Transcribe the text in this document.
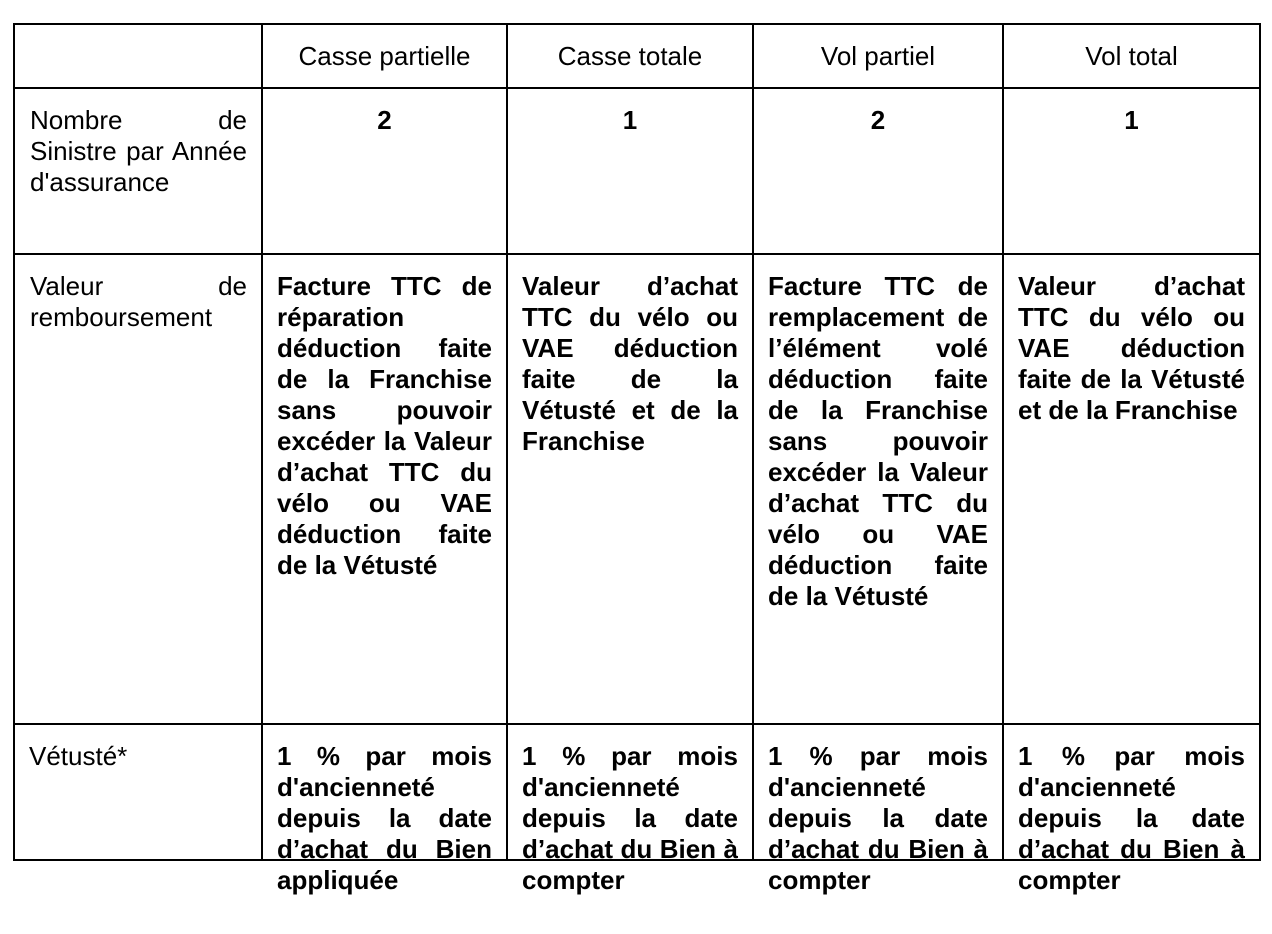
	Casse partielle	Casse totale	Vol partiel	Vol total
Nombre de Sinistre par Année d'assurance	2	1	2	1
Valeur de remboursement	Facture TTC de réparation déduction faite de la Franchise sans pouvoir excéder la Valeur d’achat TTC du vélo ou VAE déduction faite de la Vétusté	Valeur d’achat TTC du vélo ou VAE déduction faite de la Vétusté et de la Franchise	Facture TTC de remplacement de l’élément volé déduction faite de la Franchise sans pouvoir excéder la Valeur d’achat TTC du vélo ou VAE déduction faite de la Vétusté	Valeur d’achat TTC du vélo ou VAE déduction faite de la Vétusté et de la Franchise

Vétusté*	1 % par mois d'ancienneté depuis la date d’achat du Bien appliquée	1 % par mois d'ancienneté depuis la date d’achat du Bien à compter	1 % par mois d'ancienneté depuis la date d’achat du Bien à compter	1 % par mois d'ancienneté depuis la date d’achat du Bien à compter
